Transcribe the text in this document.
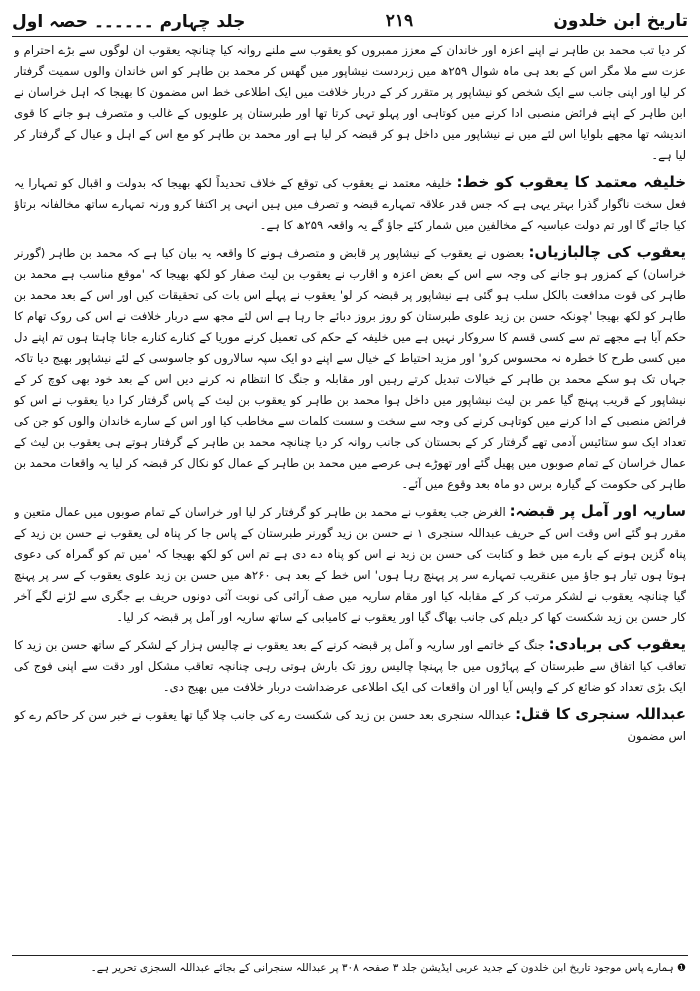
تاریخ ابن خلدون
۲۱۹
جلد چہارم ۔۔۔۔۔۔ حصہ اول

کر دیا تب محمد بن طاہر نے اپنے اعزہ اور خاندان کے معزز ممبروں کو یعقوب سے ملنے روانہ کیا چنانچہ یعقوب ان لوگوں سے بڑے احترام و عزت سے ملا مگر اس کے بعد ہی ماہ شوال ۲۵۹ھ میں زبردست نیشاپور میں گھس کر محمد بن طاہر کو اس خاندان والوں سمیت گرفتار کر لیا اور اپنی جانب سے ایک شخص کو نیشاپور پر متقرر کر کے دربار خلافت میں ایک اطلاعی خط اس مضمون کا بھیجا کہ اہل خراسان نے ابن طاہر کے اپنے فرائض منصبی ادا کرنے میں کوتاہی اور پہلو تہی کرتا تھا اور طبرستان پر علویوں کے غالب و متصرف ہو جانے کا قوی اندیشہ تھا مجھے بلوایا اس لئے میں نے نیشاپور میں داخل ہو کر قبضہ کر لیا ہے اور محمد بن طاہر کو مع اس کے اہل و عیال کے گرفتار کر لیا ہے۔

خلیفہ معتمد کا یعقوب کو خط: خلیفہ معتمد نے یعقوب کی توقع کے خلاف تحدیداً لکھ بھیجا کہ بدولت و اقبال کو تمہارا یہ فعل سخت ناگوار گذرا بہتر یہی ہے کہ جس قدر علاقہ تمہارے قبضہ و تصرف میں ہیں انہی پر اکتفا کرو ورنہ تمہارے ساتھ مخالفانہ برتاؤ کیا جائے گا اور تم دولت عباسیہ کے مخالفین میں شمار کئے جاؤ گے یہ واقعہ ۲۵۹ھ کا ہے۔

یعقوب کی چالبازیاں: بعضوں نے یعقوب کے نیشاپور پر قابض و متصرف ہونے کا واقعہ یہ بیان کیا ہے کہ محمد بن طاہر (گورنر خراسان) کے کمزور ہو جانے کی وجہ سے اس کے بعض اعزہ و اقارب نے یعقوب بن لیث صفار کو لکھ بھیجا کہ 'موقع مناسب ہے محمد بن طاہر کی قوت مدافعت بالکل سلب ہو گئی ہے نیشاپور پر قبضہ کر لو' یعقوب نے پہلے اس بات کی تحقیقات کیں اور اس کے بعد محمد بن طاہر کو لکھ بھیجا 'چونکہ حسن بن زید علوی طبرستان کو روز بروز دبائے جا رہا ہے اس لئے مجھ سے دربار خلافت نے اس کی روک تھام کا حکم آیا ہے مجھے تم سے کسی قسم کا سروکار نہیں ہے میں خلیفہ کے حکم کی تعمیل کرنے موریا کے کنارے کنارے جانا چاہتا ہوں تم اپنے دل میں کسی طرح کا خطرہ نہ محسوس کرو' اور مزید احتیاط کے خیال سے اپنے دو ایک سپہ سالاروں کو جاسوسی کے لئے نیشاپور بھیج دیا تاکہ جہاں تک ہو سکے محمد بن طاہر کے خیالات تبدیل کرتے رہیں اور مقابلہ و جنگ کا انتظام نہ کرنے دیں اس کے بعد خود بھی کوچ کر کے نیشاپور کے قریب پہنچ گیا عمر بن لیث نیشاپور میں داخل ہوا محمد بن طاہر کو یعقوب بن لیث کے پاس گرفتار کرا دیا یعقوب نے اس کو فرائض منصبی کے ادا کرنے میں کوتاہی کرنے کی وجہ سے سخت و سست کلمات سے مخاطب کیا اور اس کے سارے خاندان والوں کو جن کی تعداد ایک سو ستائیس آدمی تھے گرفتار کر کے بحستان کی جانب روانہ کر دیا چنانچہ محمد بن طاہر کے گرفتار ہوتے ہی یعقوب بن لیث کے عمال خراسان کے تمام صوبوں میں پھیل گئے اور تھوڑے ہی عرصے میں محمد بن طاہر کے عمال کو نکال کر قبضہ کر لیا یہ واقعات محمد بن طاہر کی حکومت کے گیارہ برس دو ماہ بعد وقوع میں آئے۔

ساریہ اور آمل پر قبضہ: الغرض جب یعقوب نے محمد بن طاہر کو گرفتار کر لیا اور خراسان کے تمام صوبوں میں عمال متعین و مقرر ہو گئے اس وقت اس کے حریف عبداللہ سنجری ۱ نے حسن بن زید گورنر طبرستان کے پاس جا کر پناہ لی یعقوب نے حسن بن زید کے پناہ گزین ہونے کے بارے میں خط و کتابت کی حسن بن زید نے اس کو پناہ دے دی ہے تم اس کو لکھ بھیجا کہ 'میں تم کو گمراہ کی دعوی ہوتا ہوں تیار ہو جاؤ میں عنقریب تمہارے سر پر پہنچ رہا ہوں' اس خط کے بعد ہی ۲۶۰ھ میں حسن بن زید علوی یعقوب کے سر پر پہنچ گیا چنانچہ یعقوب نے لشکر مرتب کر کے مقابلہ کیا اور مقام ساریہ میں صف آرائی کی نوبت آئی دونوں حریف بے جگری سے لڑنے لگے آخر کار حسن بن زید شکست کھا کر دیلم کی جانب بھاگ گیا اور یعقوب نے کامیابی کے ساتھ ساریہ اور آمل پر قبضہ کر لیا۔

یعقوب کی بربادی: جنگ کے خاتمے اور ساریہ و آمل پر قبضہ کرنے کے بعد یعقوب نے چالیس ہزار کے لشکر کے ساتھ حسن بن زید کا تعاقب کیا اتفاق سے طبرستان کے پہاڑوں میں جا پہنچا چالیس روز تک بارش ہوتی رہی چنانچہ تعاقب مشکل اور دقت سے اپنی فوج کی ایک بڑی تعداد کو ضائع کر کے واپس آیا اور ان واقعات کی ایک اطلاعی عرضداشت دربار خلافت میں بھیج دی۔

عبداللہ سنجری کا قتل: عبداللہ سنجری بعد حسن بن زید کی شکست رے کی جانب چلا گیا تھا یعقوب نے خبر سن کر حاکم رے کو اس مضمون

❶ ہمارے پاس موجود تاریخ ابن خلدون کے جدید عربی ایڈیشن جلد ۳ صفحہ ۳۰۸ پر عبداللہ سنجرانی کے بجائے عبداللہ السجزی تحریر ہے۔
